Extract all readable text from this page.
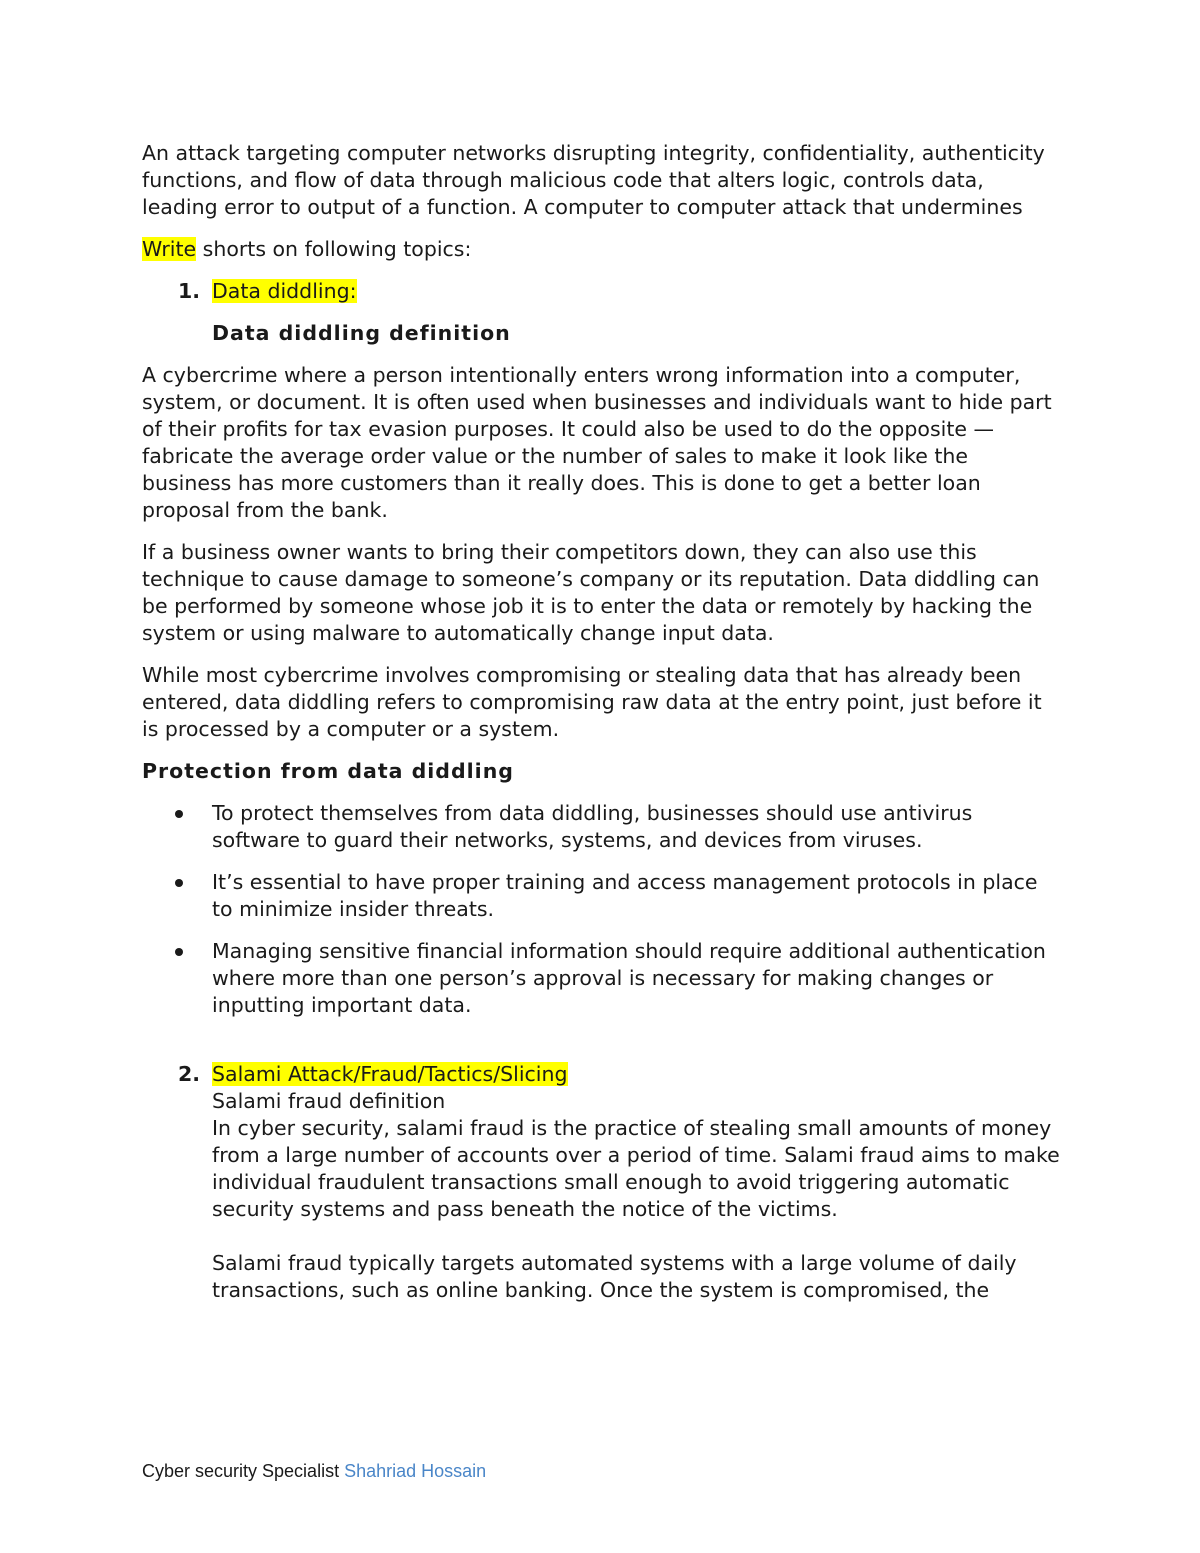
An attack targeting computer networks disrupting integrity, confidentiality, authenticity functions, and flow of data through malicious code that alters logic, controls data, leading error to output of a function. A computer to computer attack that undermines

Write shorts on following topics:

1. Data diddling:

Data diddling definition

A cybercrime where a person intentionally enters wrong information into a computer, system, or document. It is often used when businesses and individuals want to hide part of their profits for tax evasion purposes. It could also be used to do the opposite — fabricate the average order value or the number of sales to make it look like the business has more customers than it really does. This is done to get a better loan proposal from the bank.

If a business owner wants to bring their competitors down, they can also use this technique to cause damage to someone’s company or its reputation. Data diddling can be performed by someone whose job it is to enter the data or remotely by hacking the system or using malware to automatically change input data.

While most cybercrime involves compromising or stealing data that has already been entered, data diddling refers to compromising raw data at the entry point, just before it is processed by a computer or a system.

Protection from data diddling

To protect themselves from data diddling, businesses should use antivirus software to guard their networks, systems, and devices from viruses.
It’s essential to have proper training and access management protocols in place to minimize insider threats.
Managing sensitive financial information should require additional authentication where more than one person’s approval is necessary for making changes or inputting important data.
2. Salami Attack/Fraud/Tactics/Slicing

Salami fraud definition

In cyber security, salami fraud is the practice of stealing small amounts of money from a large number of accounts over a period of time. Salami fraud aims to make individual fraudulent transactions small enough to avoid triggering automatic security systems and pass beneath the notice of the victims.

Salami fraud typically targets automated systems with a large volume of daily transactions, such as online banking. Once the system is compromised, the

Cyber security Specialist Shahriad Hossain
